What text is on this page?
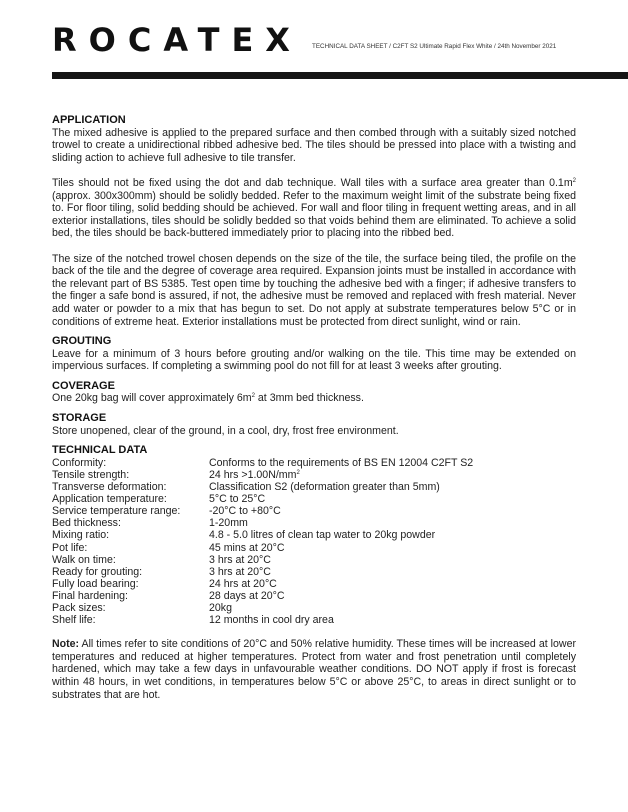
ROCATEX TECHNICAL DATA SHEET / C2FT S2 Ultimate Rapid Flex White / 24th November 2021
APPLICATION

The mixed adhesive is applied to the prepared surface and then combed through with a suitably sized notched trowel to create a unidirectional ribbed adhesive bed. The tiles should be pressed into place with a twisting and sliding action to achieve full adhesive to tile transfer.

Tiles should not be fixed using the dot and dab technique. Wall tiles with a surface area greater than $0.1m^2$ (approx. 300x300mm) should be solidly bedded. Refer to the maximum weight limit of the substrate being fixed to. For floor tiling, solid bedding should be achieved. For wall and floor tiling in frequent wetting areas, and in all exterior installations, tiles should be solidly bedded so that voids behind them are eliminated. To achieve a solid bed, the tiles should be back-buttered immediately prior to placing into the ribbed bed.

The size of the notched trowel chosen depends on the size of the tile, the surface being tiled, the profile on the back of the tile and the degree of coverage area required. Expansion joints must be installed in accordance with the relevant part of BS 5385. Test open time by touching the adhesive bed with a finger; if adhesive transfers to the finger a safe bond is assured, if not, the adhesive must be removed and replaced with fresh material. Never add water or powder to a mix that has begun to set. Do not apply at substrate temperatures below 5°C or in conditions of extreme heat. Exterior installations must be protected from direct sunlight, wind or rain.

GROUTING

Leave for a minimum of 3 hours before grouting and/or walking on the tile. This time may be extended on impervious surfaces. If completing a swimming pool do not fill for at least 3 weeks after grouting.

COVERAGE

One 20kg bag will cover approximately $6m^2$ at 3mm bed thickness.

STORAGE

Store unopened, clear of the ground, in a cool, dry, frost free environment.

TECHNICAL DATA
Conformity:	Conforms to the requirements of BS EN 12004 C2FT S2
Tensile strength:	24 hrs $>1.00N/mm^2$
Transverse deformation:	Classification S2 (deformation greater than 5mm)
Application temperature:	5°C to 25°C
Service temperature range:	-20°C to +80°C
Bed thickness:	1-20mm
Mixing ratio:	4.8 - 5.0 litres of clean tap water to 20kg powder
Pot life:	45 mins at 20°C
Walk on time:	3 hrs at 20°C
Ready for grouting:	3 hrs at 20°C
Fully load bearing:	24 hrs at 20°C
Final hardening:	28 days at 20°C
Pack sizes:	20kg
Shelf life:	12 months in cool dry area

Note: All times refer to site conditions of 20°C and 50% relative humidity. These times will be increased at lower temperatures and reduced at higher temperatures. Protect from water and frost penetration until completely hardened, which may take a few days in unfavourable weather conditions. DO NOT apply if frost is forecast within 48 hours, in wet conditions, in temperatures below 5°C or above 25°C, to areas in direct sunlight or to substrates that are hot.
